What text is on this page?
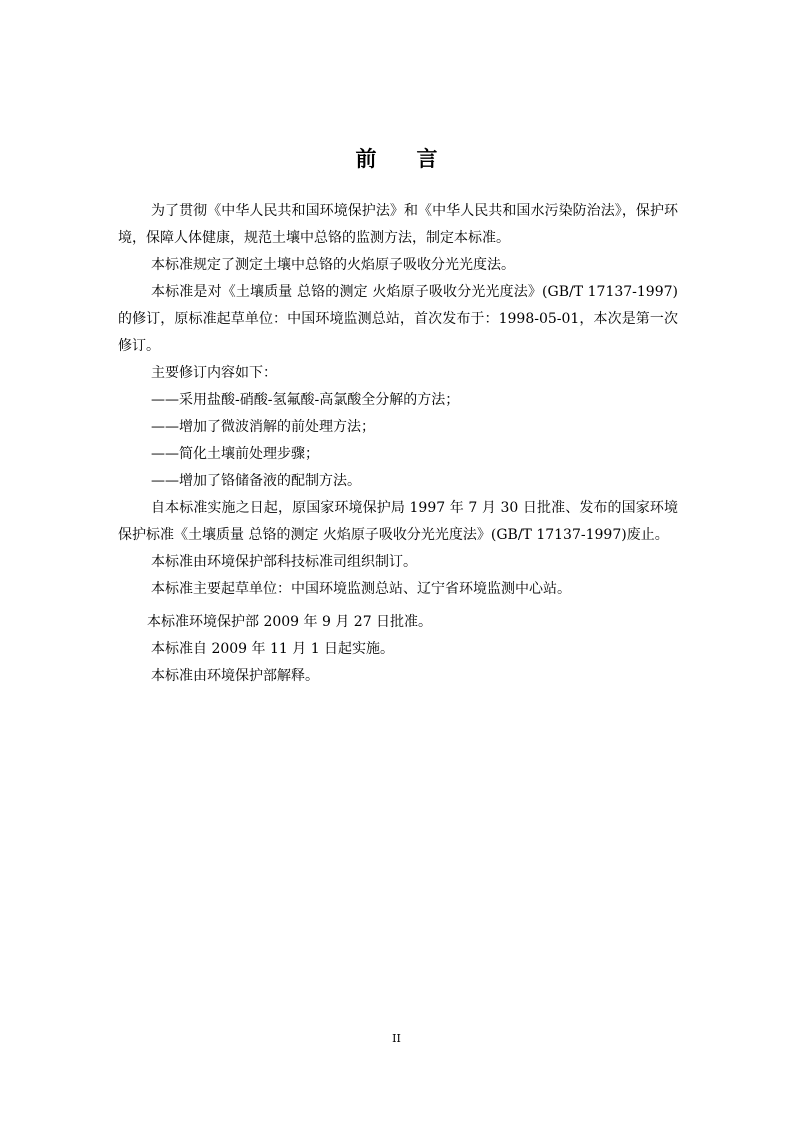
前 言

为了贯彻《中华人民共和国环境保护法》和《中华人民共和国水污染防治法》，保护环境，保障人体健康，规范土壤中总铬的监测方法，制定本标准。

本标准规定了测定土壤中总铬的火焰原子吸收分光光度法。

本标准是对《土壤质量 总铬的测定 火焰原子吸收分光光度法》(GB/T 17137-1997)的修订，原标准起草单位：中国环境监测总站，首次发布于：1998-05-01，本次是第一次修订。

主要修订内容如下：

——采用盐酸-硝酸-氢氟酸-高氯酸全分解的方法；

——增加了微波消解的前处理方法；

——简化土壤前处理步骤；

——增加了铬储备液的配制方法。

自本标准实施之日起，原国家环境保护局 1997 年 7 月 30 日批准、发布的国家环境保护标准《土壤质量 总铬的测定 火焰原子吸收分光光度法》(GB/T 17137-1997)废止。

本标准由环境保护部科技标准司组织制订。

本标准主要起草单位：中国环境监测总站、辽宁省环境监测中心站。

本标准环境保护部 2009 年 9 月 27 日批准。

本标准自 2009 年 11 月 1 日起实施。

本标准由环境保护部解释。

II
